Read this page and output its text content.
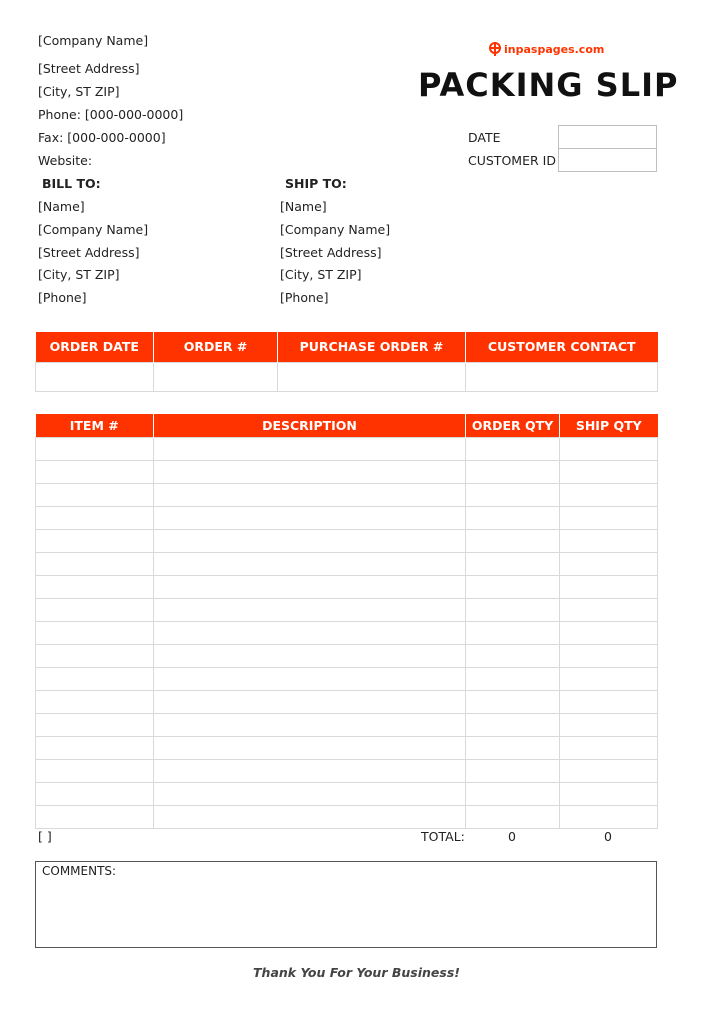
[Company Name]
[Street Address]
[City, ST ZIP]
Phone: [000-000-0000]
Fax: [000-000-0000]
Website:
inpaspages.com
PACKING SLIP
DATE
CUSTOMER ID
BILL TO:
[Name]
[Company Name]
[Street Address]
[City, ST ZIP]
[Phone]
SHIP TO:
[Name]
[Company Name]
[Street Address]
[City, ST ZIP]
[Phone]
ORDER DATE	ORDER #	PURCHASE ORDER #	CUSTOMER CONTACT

ITEM #	DESCRIPTION	ORDER QTY	SHIP QTY

[ ]	TOTAL:	0	0
COMMENTS:
Thank You For Your Business!
